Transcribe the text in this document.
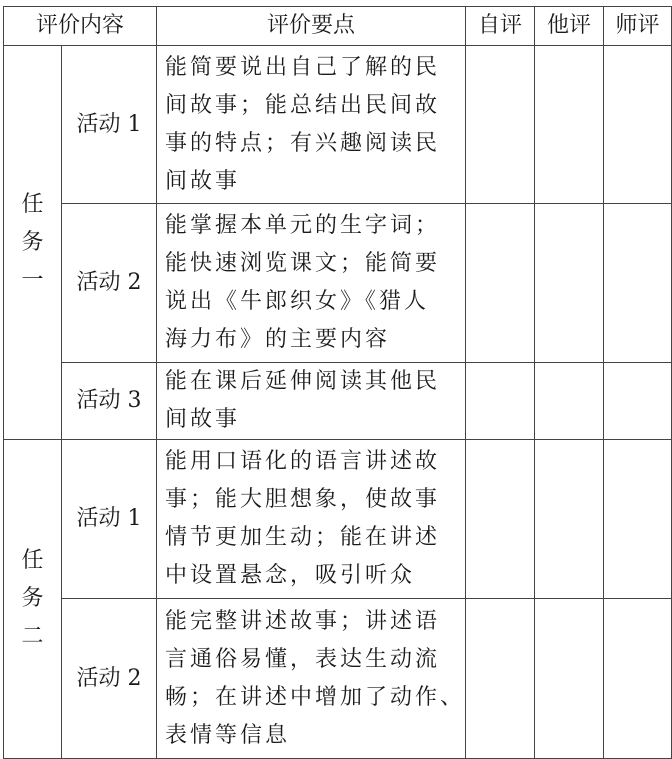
评价内容		评价要点	自评	他评	师评

任
务
一	活动 1	能简要说出自己了解的民
间故事；能总结出民间故
事的特点；有兴趣阅读民
间故事			

	活动 2	能掌握本单元的生字词；
能快速浏览课文；能简要
说出《牛郎织女》《猎人
海力布》的主要内容			

	活动 3	能在课后延伸阅读其他民
间故事			

任
务
二	活动 1	能用口语化的语言讲述故
事；能大胆想象，使故事
情节更加生动；能在讲述
中设置悬念，吸引听众			

	活动 2	能完整讲述故事；讲述语
言通俗易懂，表达生动流
畅；在讲述中增加了动作、
表情等信息			
